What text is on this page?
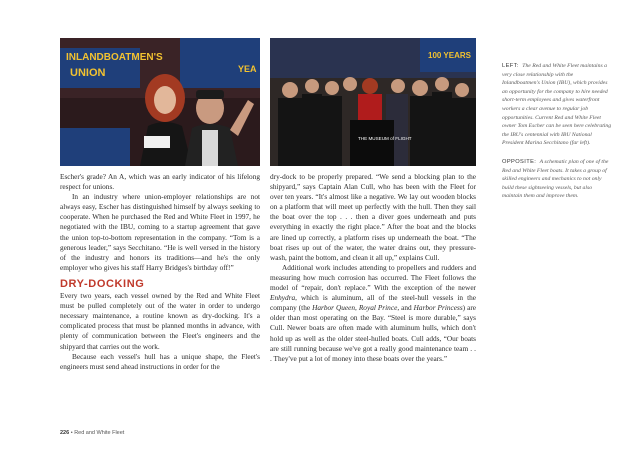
INLANDBOATMEN'S
UNION	YEA
100 YEARS
THE MUSEUM of FLIGHT

Escher's grade? An A, which was an early indicator of his lifelong respect for unions.

In an industry where union-employer relationships are not always easy, Escher has distinguished himself by always seeking to cooperate. When he purchased the Red and White Fleet in 1997, he negotiated with the IBU, coming to a startup agreement that gave the union top-to-bottom representation in the company. “Tom is a generous leader,” says Secchitano. “He is well versed in the history of the industry and honors its traditions—and he's the only employer who gives his staff Harry Bridges's birthday off!”

DRY-DOCKING

Every two years, each vessel owned by the Red and White Fleet must be pulled completely out of the water in order to undergo necessary maintenance, a routine known as dry-docking. It's a complicated process that must be planned months in advance, with plenty of communication between the Fleet's engineers and the shipyard that carries out the work.

Because each vessel's hull has a unique shape, the Fleet's engineers must send ahead instructions in order for the

dry-dock to be properly prepared. “We send a blocking plan to the shipyard,” says Captain Alan Cull, who has been with the Fleet for over ten years. “It's almost like a negative. We lay out wooden blocks on a platform that will meet up perfectly with the hull. Then they sail the boat over the top . . . then a diver goes underneath and puts everything in exactly the right place.” After the boat and the blocks are lined up correctly, a platform rises up underneath the boat. “The boat rises up out of the water, the water drains out, they pressure-wash, paint the bottom, and clean it all up,” explains Cull.

Additional work includes attending to propellers and rudders and measuring how much corrosion has occurred. The Fleet follows the model of “repair, don't replace.” With the exception of the newer Enhydra, which is aluminum, all of the steel-hull vessels in the company (the Harbor Queen, Royal Prince, and Harbor Princess) are older than most operating on the Bay. “Steel is more durable,” says Cull. Newer boats are often made with aluminum hulls, which don't hold up as well as the older steel-hulled boats. Cull adds, “Our boats are still running because we've got a really good maintenance team . . . They've put a lot of money into these boats over the years.”

LEFT: The Red and White Fleet maintains a very close relationship with the Inlandboatmen's Union (IBU), which provides an opportunity for the company to hire needed short-term employees and gives waterfront workers a clear avenue to regular job opportunities. Current Red and White Fleet owner Tom Escher can be seen here celebrating the IBU's centennial with IBU National President Marina Secchitano (far left).

OPPOSITE: A schematic plan of one of the Red and White Fleet boats. It takes a group of skilled engineers and mechanics to not only build these sightseeing vessels, but also maintain them and improve them.

226 • Red and White Fleet
